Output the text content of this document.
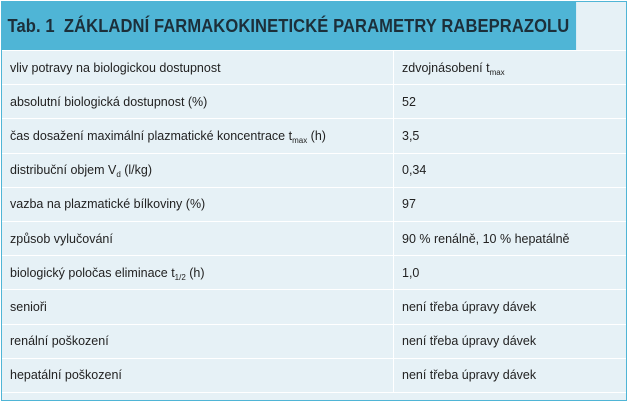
Tab. 1 ZÁKLADNÍ FARMAKOKINETICKÉ PARAMETRY RABEPRAZOLU
vliv potravy na biologickou dostupnost	zdvojnásobení $t_{max}$
absolutní biologická dostupnost (%)	52
čas dosažení maximální plazmatické koncentrace $t_{max}$ (h)	3,5
distribuční objem $V_d$ (l/kg)	0,34
vazba na plazmatické bílkoviny (%)	97
způsob vylučování	90 % renálně, 10 % hepatálně
biologický poločas eliminace $t_{1/2}$ (h)	1,0
senioři	není třeba úpravy dávek
renální poškození	není třeba úpravy dávek
hepatální poškození	není třeba úpravy dávek
